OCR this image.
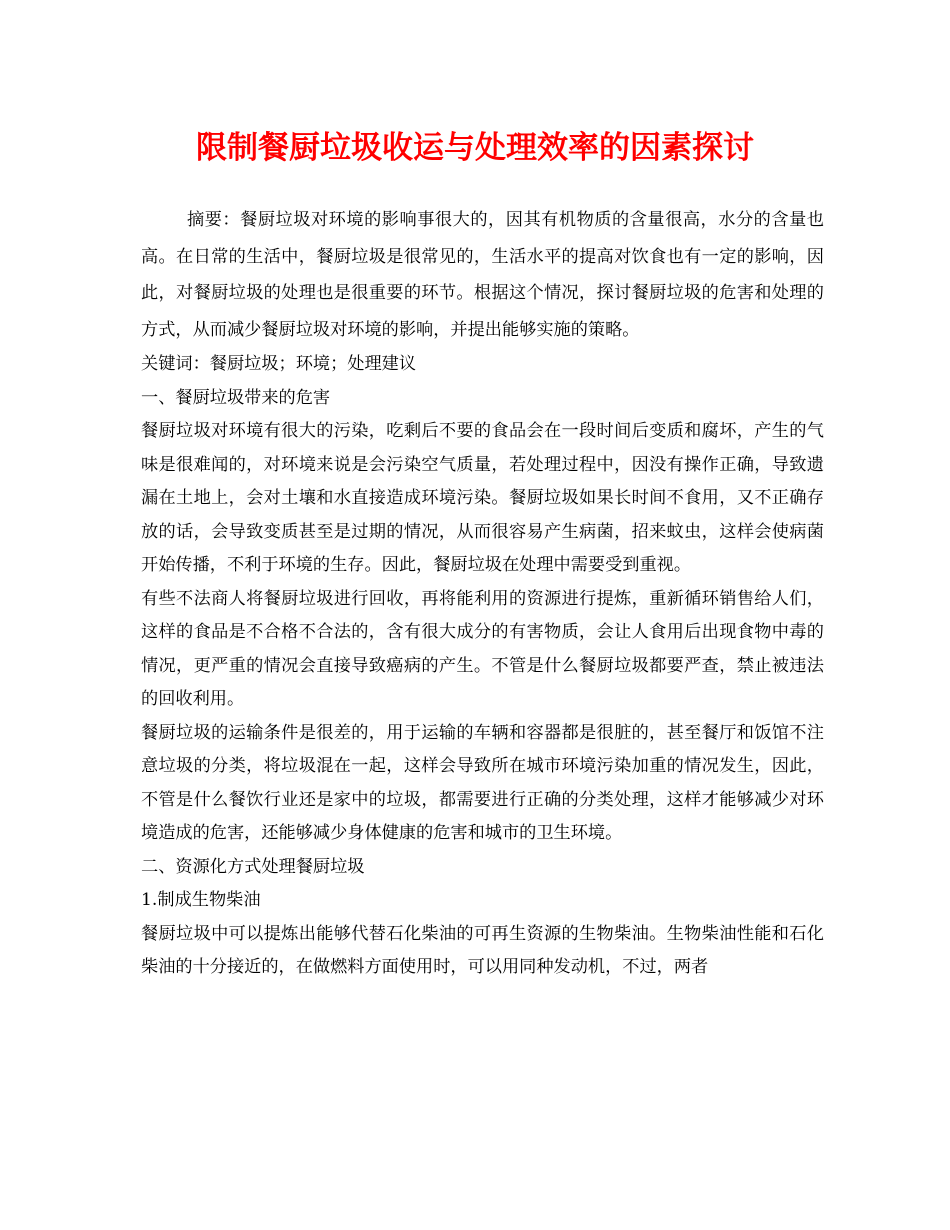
限制餐厨垃圾收运与处理效率的因素探讨

摘要：餐厨垃圾对环境的影响事很大的，因其有机物质的含量很高，水分的含量也高。在日常的生活中，餐厨垃圾是很常见的，生活水平的提高对饮食也有一定的影响，因此，对餐厨垃圾的处理也是很重要的环节。根据这个情况，探讨餐厨垃圾的危害和处理的方式，从而减少餐厨垃圾对环境的影响，并提出能够实施的策略。

关键词：餐厨垃圾；环境；处理建议

一、餐厨垃圾带来的危害

餐厨垃圾对环境有很大的污染，吃剩后不要的食品会在一段时间后变质和腐坏，产生的气味是很难闻的，对环境来说是会污染空气质量，若处理过程中，因没有操作正确，导致遗漏在土地上，会对土壤和水直接造成环境污染。餐厨垃圾如果长时间不食用，又不正确存放的话，会导致变质甚至是过期的情况，从而很容易产生病菌，招来蚊虫，这样会使病菌开始传播，不利于环境的生存。因此，餐厨垃圾在处理中需要受到重视。

有些不法商人将餐厨垃圾进行回收，再将能利用的资源进行提炼，重新循环销售给人们，这样的食品是不合格不合法的，含有很大成分的有害物质，会让人食用后出现食物中毒的情况，更严重的情况会直接导致癌病的产生。不管是什么餐厨垃圾都要严查，禁止被违法的回收利用。

餐厨垃圾的运输条件是很差的，用于运输的车辆和容器都是很脏的，甚至餐厅和饭馆不注意垃圾的分类，将垃圾混在一起，这样会导致所在城市环境污染加重的情况发生，因此，不管是什么餐饮行业还是家中的垃圾，都需要进行正确的分类处理，这样才能够减少对环境造成的危害，还能够减少身体健康的危害和城市的卫生环境。

二、资源化方式处理餐厨垃圾

1.制成生物柴油

餐厨垃圾中可以提炼出能够代替石化柴油的可再生资源的生物柴油。生物柴油性能和石化柴油的十分接近的，在做燃料方面使用时，可以用同种发动机，不过，两者
